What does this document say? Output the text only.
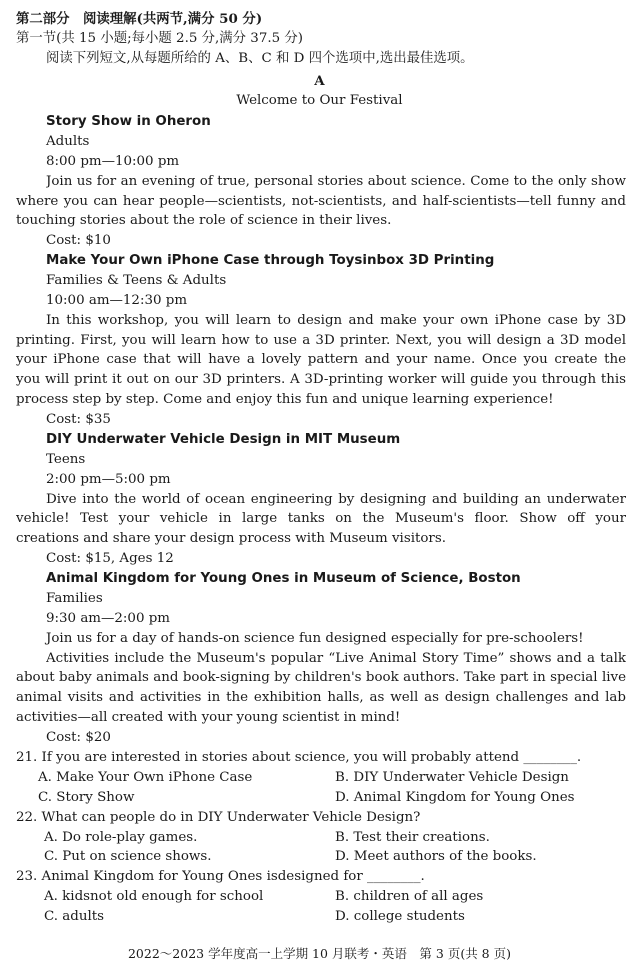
第二部分　阅读理解(共两节,满分 50 分)
第一节(共 15 小题;每小题 2.5 分,满分 37.5 分)
阅读下列短文,从每题所给的 A、B、C 和 D 四个选项中,选出最佳选项。
A
Welcome to Our Festival
Story Show in Oheron
Adults
8:00 pm—10:00 pm
Join us for an evening of true, personal stories about science. Come to the only show
where you can hear people—scientists, not-scientists, and half-scientists—tell funny and
touching stories about the role of science in their lives.
Cost: $10
Make Your Own iPhone Case through Toysinbox 3D Printing
Families & Teens & Adults
10:00 am—12:30 pm
In this workshop, you will learn to design and make your own iPhone case by 3D
printing. First, you will learn how to use a 3D printer. Next, you will design a 3D model
your iPhone case that will have a lovely pattern and your name. Once you create the
you will print it out on our 3D printers. A 3D-printing worker will guide you through this
process step by step. Come and enjoy this fun and unique learning experience!
Cost: $35
DIY Underwater Vehicle Design in MIT Museum
Teens
2:00 pm—5:00 pm
Dive into the world of ocean engineering by designing and building an underwater
vehicle! Test your vehicle in large tanks on the Museum's floor. Show off your
creations and share your design process with Museum visitors.
Cost: $15, Ages 12
Animal Kingdom for Young Ones in Museum of Science, Boston
Families
9:30 am—2:00 pm
Join us for a day of hands-on science fun designed especially for pre-schoolers!
Activities include the Museum's popular “Live Animal Story Time” shows and a talk
about baby animals and book-signing by children's book authors. Take part in special live
animal visits and activities in the exhibition halls, as well as design challenges and lab
activities—all created with your young scientist in mind!
Cost: $20
21. If you are interested in stories about science, you will probably attend ________.
A. Make Your Own iPhone Case	B. DIY Underwater Vehicle Design
C. Story Show	D. Animal Kingdom for Young Ones
22. What can people do in DIY Underwater Vehicle Design?
A. Do role-play games.	B. Test their creations.
C. Put on science shows.	D. Meet authors of the books.
23. Animal Kingdom for Young Ones isdesigned for ________.
A. kidsnot old enough for school	B. children of all ages
C. adults	D. college students
2022～2023 学年度高一上学期 10 月联考・英语　第 3 页(共 8 页)
